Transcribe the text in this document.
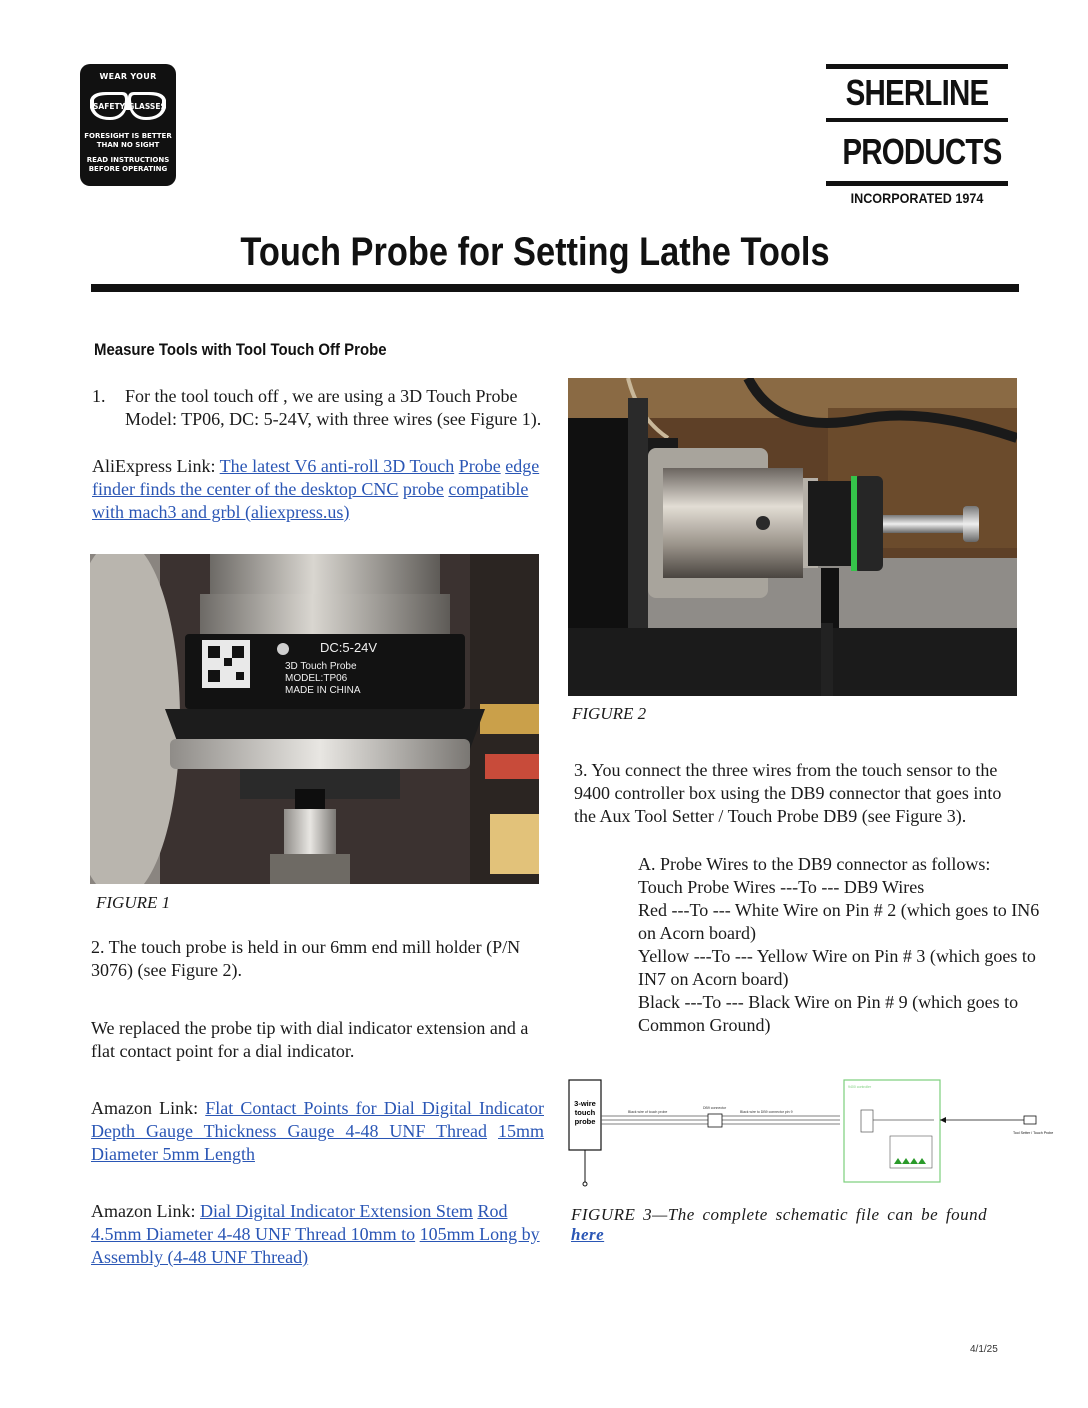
WEAR YOUR
SAFETY GLASSES
FORESIGHT IS BETTER
THAN NO SIGHT
READ INSTRUCTIONS
BEFORE OPERATING
SHERLINE
PRODUCTS
INCORPORATED 1974
Touch Probe for Setting Lathe Tools
Measure Tools with Tool Touch Off Probe
1. For the tool touch off , we are using a 3D Touch Probe Model: TP06, DC: 5-24V, with three wires (see Figure 1).
AliExpress Link: The latest V6 anti-roll 3D Touch Probe edge finder finds the center of the desktop CNC probe compatible with mach3 and grbl (aliexpress.us)
DC:5-24V
3D Touch Probe
MODEL:TP06
MADE IN CHINA
FIGURE 1
2. The touch probe is held in our 6mm end mill holder (P/N 3076) (see Figure 2).
We replaced the probe tip with dial indicator extension and a flat contact point for a dial indicator.
Amazon Link: Flat Contact Points for Dial Digital Indicator Depth Gauge Thickness Gauge 4-48 UNF Thread 15mm Diameter 5mm Length
Amazon Link: Dial Digital Indicator Extension Stem Rod 4.5mm Diameter 4-48 UNF Thread 10mm to 105mm Long by Assembly (4-48 UNF Thread)
FIGURE 2
3. You connect the three wires from the touch sensor to the 9400 controller box using the DB9 connector that goes into the Aux Tool Setter / Touch Probe DB9 (see Figure 3).
A. Probe Wires to the DB9 connector as follows:
Touch Probe Wires ---To --- DB9 Wires
Red ---To --- White Wire on Pin # 2 (which goes to IN6 on Acorn board)
Yellow ---To --- Yellow Wire on Pin # 3 (which goes to IN7 on Acorn board)
Black ---To --- Black Wire on Pin # 9 (which goes to Common Ground)
3-wire touch probe
Black wire of touch probe	Black wire to DB9 connector pin 9
DB9 connector
9400 controller
Tool Setter / Touch Probe
FIGURE 3—The complete schematic file can be found here
4/1/25
